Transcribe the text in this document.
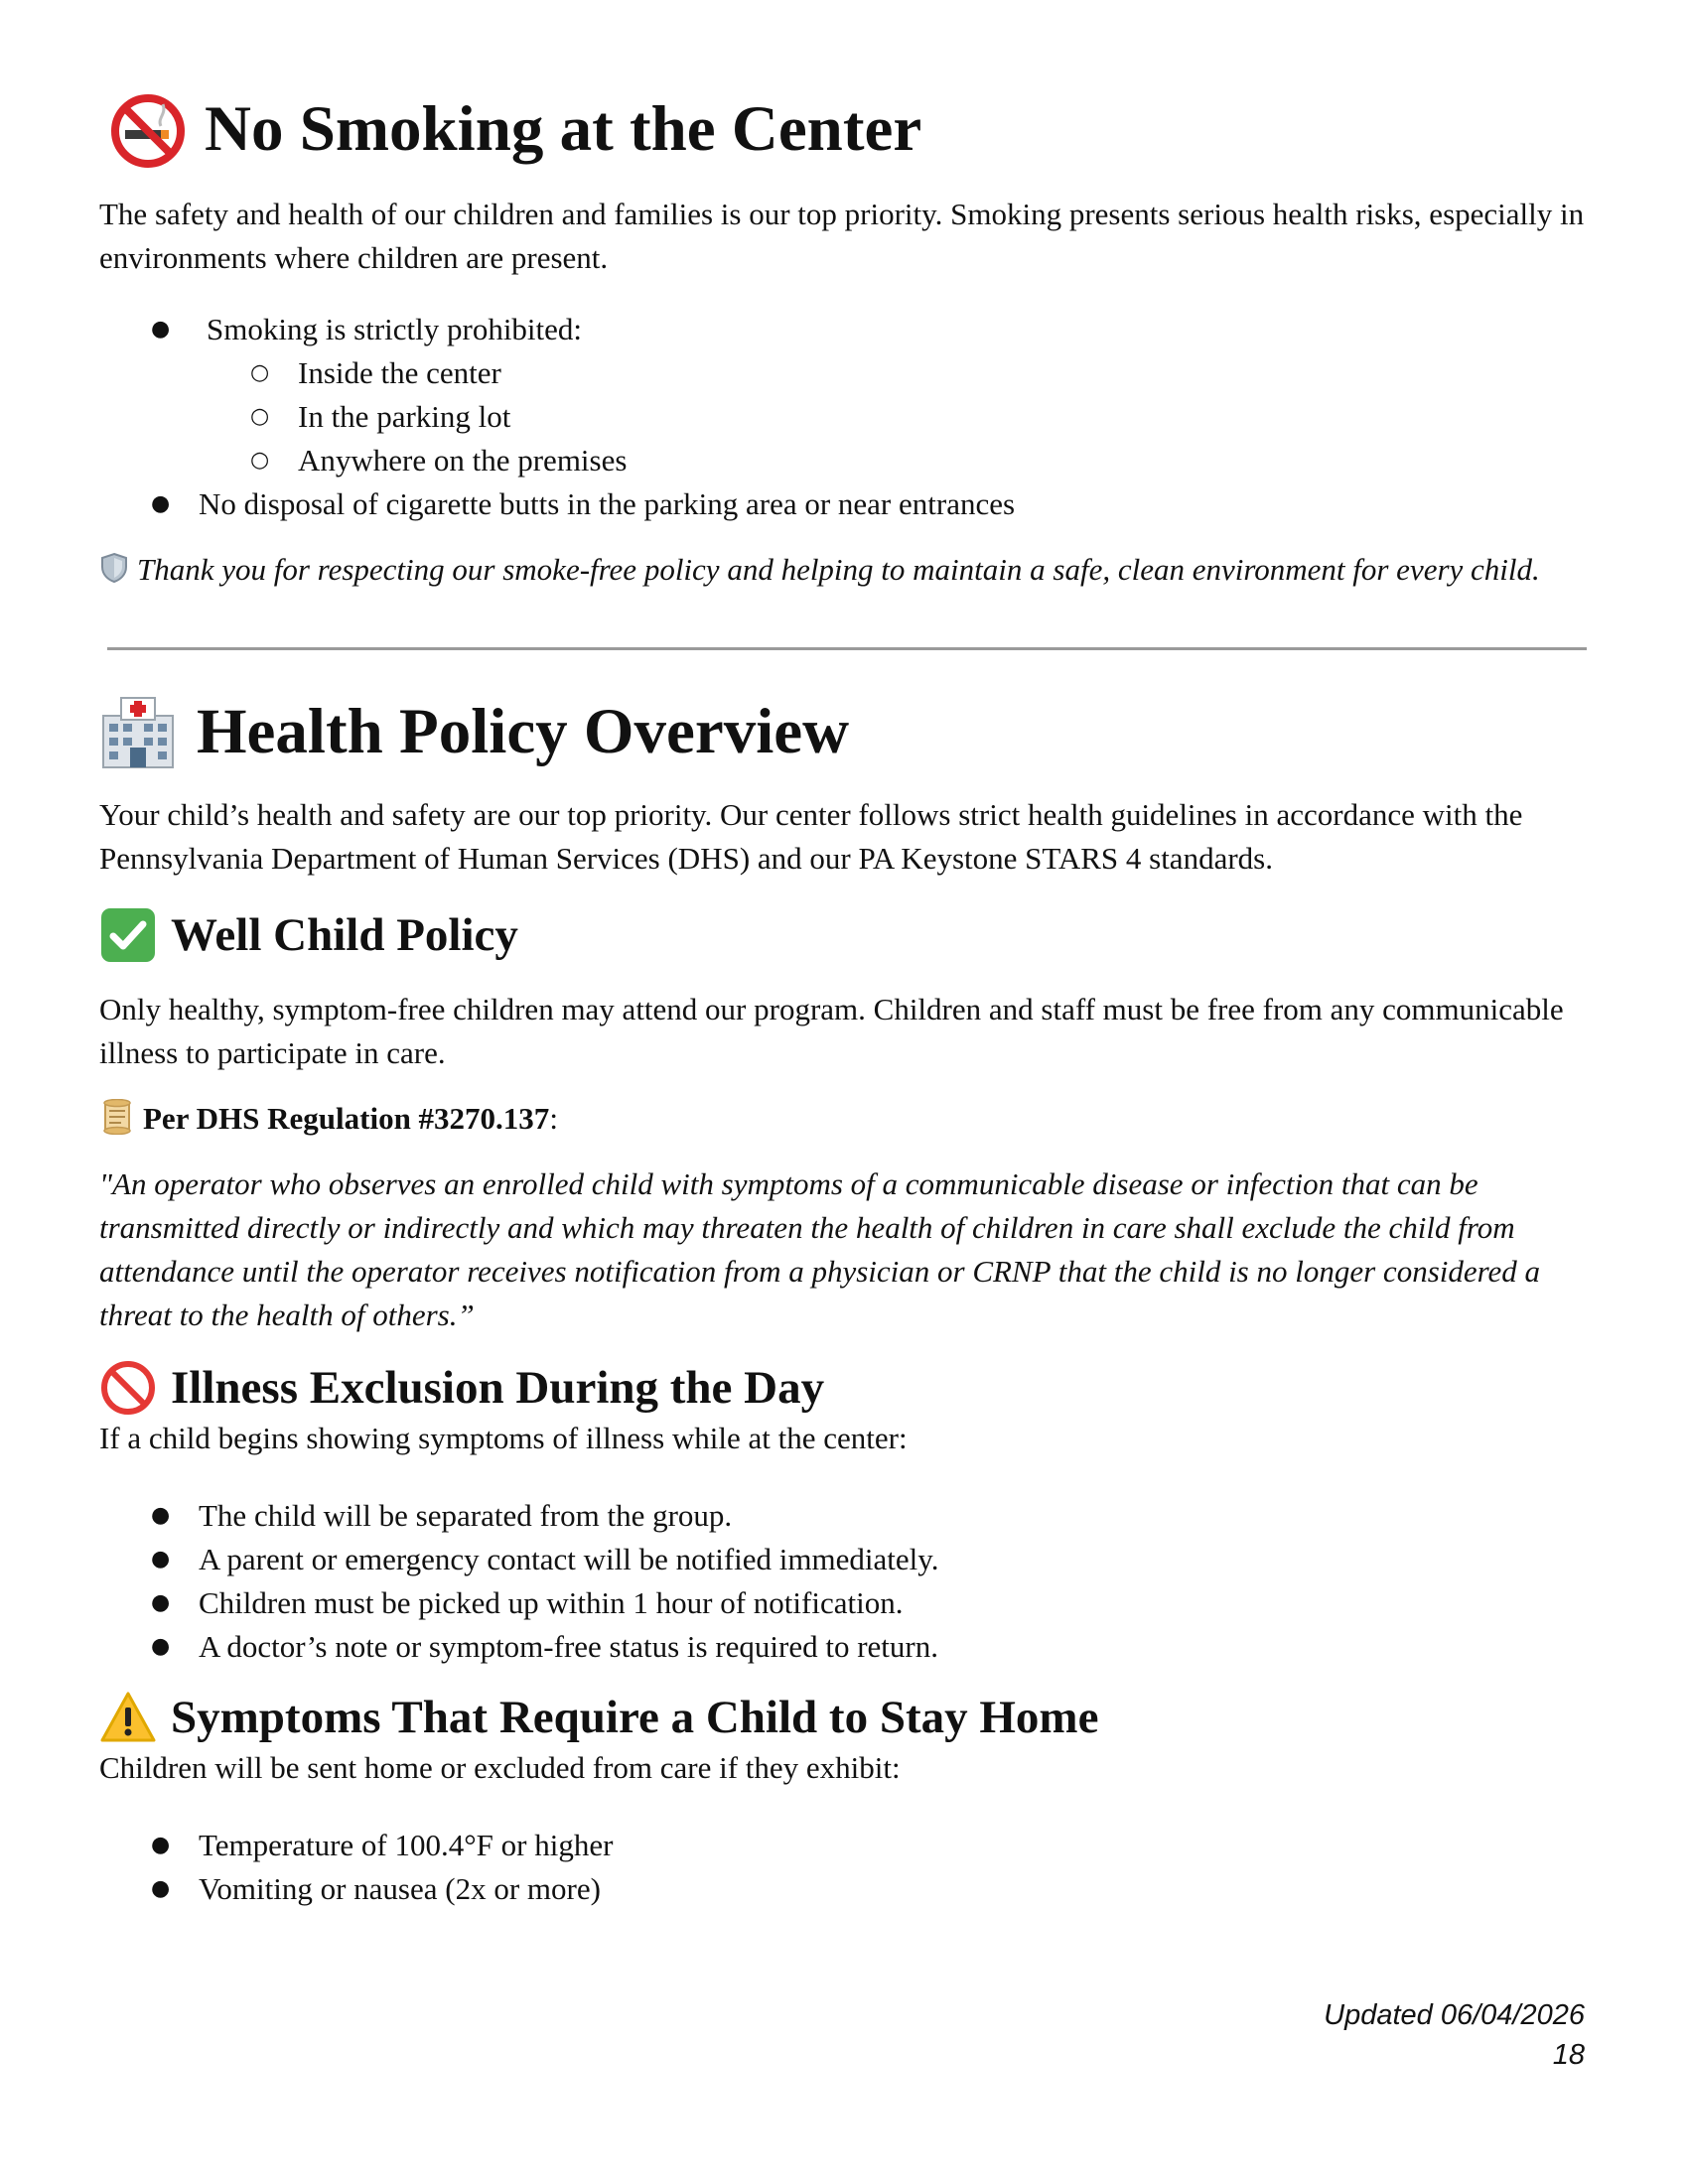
No Smoking at the Center

The safety and health of our children and families is our top priority. Smoking presents serious health risks, especially in environments where children are present.

● Smoking is strictly prohibited:
○ Inside the center
○ In the parking lot
○ Anywhere on the premises
● No disposal of cigarette butts in the parking area or near entrances

Thank you for respecting our smoke-free policy and helping to maintain a safe, clean environment for every child.

Health Policy Overview

Your child’s health and safety are our top priority. Our center follows strict health guidelines in accordance with the Pennsylvania Department of Human Services (DHS) and our PA Keystone STARS 4 standards.

Well Child Policy

Only healthy, symptom-free children may attend our program. Children and staff must be free from any communicable illness to participate in care.

Per DHS Regulation #3270.137:

"An operator who observes an enrolled child with symptoms of a communicable disease or infection that can be transmitted directly or indirectly and which may threaten the health of children in care shall exclude the child from attendance until the operator receives notification from a physician or CRNP that the child is no longer considered a threat to the health of others.”

Illness Exclusion During the Day

If a child begins showing symptoms of illness while at the center:

● The child will be separated from the group.
● A parent or emergency contact will be notified immediately.
● Children must be picked up within 1 hour of notification.
● A doctor’s note or symptom-free status is required to return.
Symptoms That Require a Child to Stay Home

Children will be sent home or excluded from care if they exhibit:

● Temperature of 100.4°F or higher
● Vomiting or nausea (2x or more)
Updated 06/04/2026
18
